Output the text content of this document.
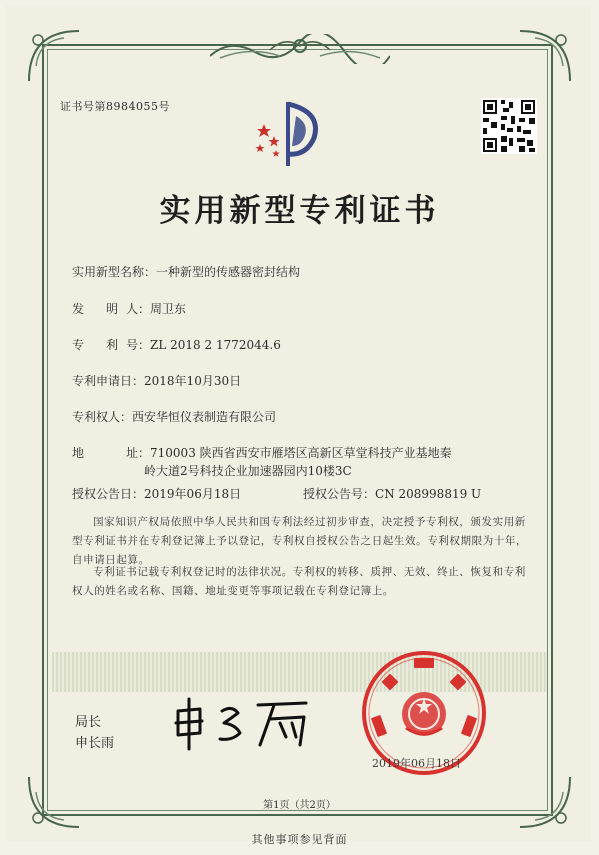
证书号第8984055号
实用新型专利证书
实用新型名称：一种新型的传感器密封结构
发 明 人：周卫东
专 利 号：ZL 2018 2 1772044.6
专利申请日：2018年10月30日
专利权人：西安华恒仪表制造有限公司
地	址：710003 陕西省西安市雁塔区高新区草堂科技产业基地秦
岭大道2号科技企业加速器园内10楼3C
授权公告日：2019年06月18日	授权公告号：CN 208998819 U
国家知识产权局依照中华人民共和国专利法经过初步审查，决定授予专利权，颁发实用新型专利证书并在专利登记簿上予以登记，专利权自授权公告之日起生效。专利权期限为十年，自申请日起算。
专利证书记载专利权登记时的法律状况。专利权的转移、质押、无效、终止、恢复和专利权人的姓名或名称、国籍、地址变更等事项记载在专利登记簿上。
局长
申长雨
2019年06月18日
第1页（共2页）
其他事项参见背面
